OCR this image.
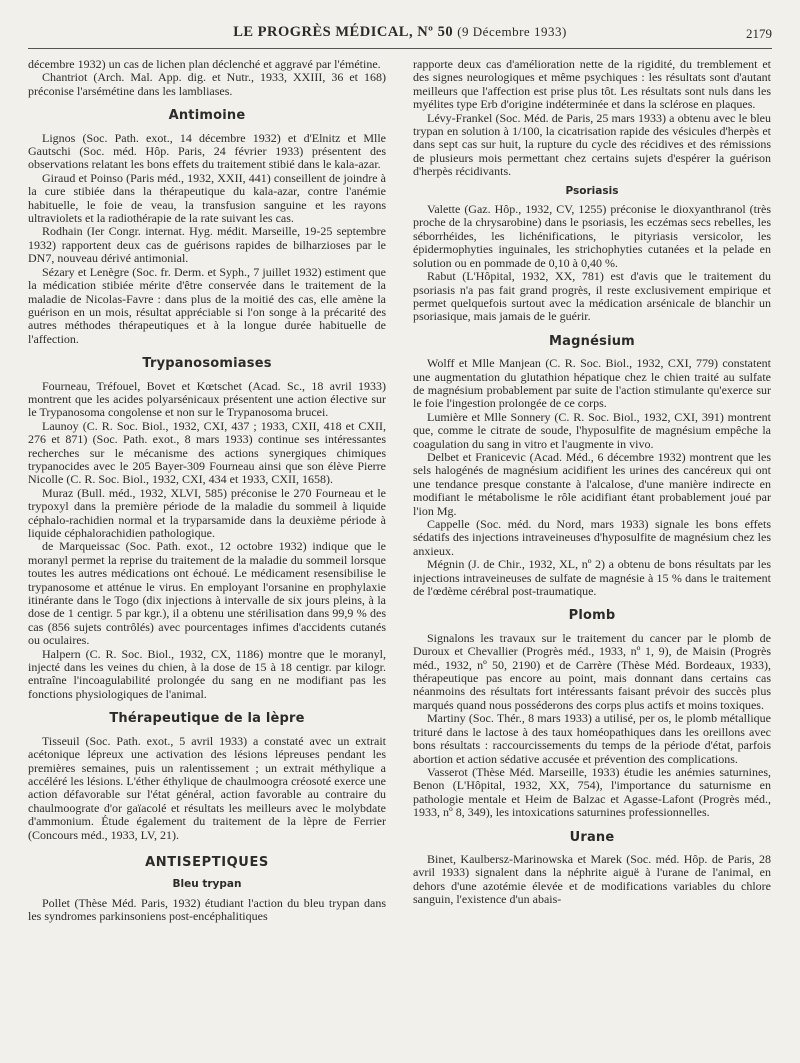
LE PROGRÈS MÉDICAL, Nº 50 (9 Décembre 1933)	2179

décembre 1932) un cas de lichen plan déclenché et aggravé par l'émétine.

Chantriot (Arch. Mal. App. dig. et Nutr., 1933, XXIII, 36 et 168) préconise l'arsémétine dans les lambliases.

Antimoine

Lignos (Soc. Path. exot., 14 décembre 1932) et d'Elnitz et Mlle Gautschi (Soc. méd. Hôp. Paris, 24 février 1933) présentent des observations relatant les bons effets du traitement stibié dans le kala-azar.

Giraud et Poinso (Paris méd., 1932, XXII, 441) conseillent de joindre à la cure stibiée dans la thérapeutique du kala-azar, contre l'anémie habituelle, le foie de veau, la transfusion sanguine et les rayons ultraviolets et la radiothérapie de la rate suivant les cas.

Rodhain (Ier Congr. internat. Hyg. médit. Marseille, 19-25 septembre 1932) rapportent deux cas de guérisons rapides de bilharzioses par le DN7, nouveau dérivé antimonial.

Sézary et Lenègre (Soc. fr. Derm. et Syph., 7 juillet 1932) estiment que la médication stibiée mérite d'être conservée dans le traitement de la maladie de Nicolas-Favre : dans plus de la moitié des cas, elle amène la guérison en un mois, résultat appréciable si l'on songe à la précarité des autres méthodes thérapeutiques et à la longue durée habituelle de l'affection.

Trypanosomiases

Fourneau, Tréfouel, Bovet et Kœtschet (Acad. Sc., 18 avril 1933) montrent que les acides polyarsénicaux présentent une action élective sur le Trypanosoma congolense et non sur le Trypanosoma brucei.

Launoy (C. R. Soc. Biol., 1932, CXI, 437 ; 1933, CXII, 418 et CXII, 276 et 871) (Soc. Path. exot., 8 mars 1933) continue ses intéressantes recherches sur le mécanisme des actions synergiques chimiques trypanocides avec le 205 Bayer-309 Fourneau ainsi que son élève Pierre Nicolle (C. R. Soc. Biol., 1932, CXI, 434 et 1933, CXII, 1658).

Muraz (Bull. méd., 1932, XLVI, 585) préconise le 270 Fourneau et le trypoxyl dans la première période de la maladie du sommeil à liquide céphalo-rachidien normal et la tryparsamide dans la deuxième période à liquide céphalorachidien pathologique.

de Marqueissac (Soc. Path. exot., 12 octobre 1932) indique que le moranyl permet la reprise du traitement de la maladie du sommeil lorsque toutes les autres médications ont échoué. Le médicament resensibilise le trypanosome et atténue le virus. En employant l'orsanine en prophylaxie itinérante dans le Togo (dix injections à intervalle de six jours pleins, à la dose de 1 centigr. 5 par kgr.), il a obtenu une stérilisation dans 99,9 % des cas (856 sujets contrôlés) avec pourcentages infimes d'accidents cutanés ou oculaires.

Halpern (C. R. Soc. Biol., 1932, CX, 1186) montre que le moranyl, injecté dans les veines du chien, à la dose de 15 à 18 centigr. par kilogr. entraîne l'incoagulabilité prolongée du sang en ne modifiant pas les fonctions physiologiques de l'animal.

Thérapeutique de la lèpre

Tisseuil (Soc. Path. exot., 5 avril 1933) a constaté avec un extrait acétonique lépreux une activation des lésions lépreuses pendant les premières semaines, puis un ralentissement ; un extrait méthylique a accéléré les lésions. L'éther éthylique de chaulmoogra créosoté exerce une action défavorable sur l'état général, action favorable au contraire du chaulmoograte d'or gaïacolé et résultats les meilleurs avec le molybdate d'ammonium. Étude également du traitement de la lèpre de Ferrier (Concours méd., 1933, LV, 21).

ANTISEPTIQUES
Bleu trypan

Pollet (Thèse Méd. Paris, 1932) étudiant l'action du bleu trypan dans les syndromes parkinsoniens post-encéphalitiques

rapporte deux cas d'amélioration nette de la rigidité, du tremblement et des signes neurologiques et même psychiques : les résultats sont d'autant meilleurs que l'affection est prise plus tôt. Les résultats sont nuls dans les myélites type Erb d'origine indéterminée et dans la sclérose en plaques.

Lévy-Frankel (Soc. Méd. de Paris, 25 mars 1933) a obtenu avec le bleu trypan en solution à 1/100, la cicatrisation rapide des vésicules d'herpès et dans sept cas sur huit, la rupture du cycle des récidives et des rémissions de plusieurs mois permettant chez certains sujets d'espérer la guérison d'herpès récidivants.

Psoriasis

Valette (Gaz. Hôp., 1932, CV, 1255) préconise le dioxyanthranol (très proche de la chrysarobine) dans le psoriasis, les eczémas secs rebelles, les séborrhéides, les lichénifications, le pityriasis versicolor, les épidermophyties inguinales, les strichophyties cutanées et la pelade en solution ou en pommade de 0,10 à 0,40 %.

Rabut (L'Hôpital, 1932, XX, 781) est d'avis que le traitement du psoriasis n'a pas fait grand progrès, il reste exclusivement empirique et permet quelquefois surtout avec la médication arsénicale de blanchir un psoriasique, mais jamais de le guérir.

Magnésium

Wolff et Mlle Manjean (C. R. Soc. Biol., 1932, CXI, 779) constatent une augmentation du glutathion hépatique chez le chien traité au sulfate de magnésium probablement par suite de l'action stimulante qu'exerce sur le foie l'ingestion prolongée de ce corps.

Lumière et Mlle Sonnery (C. R. Soc. Biol., 1932, CXI, 391) montrent que, comme le citrate de soude, l'hyposulfite de magnésium empêche la coagulation du sang in vitro et l'augmente in vivo.

Delbet et Franicevic (Acad. Méd., 6 décembre 1932) montrent que les sels halogénés de magnésium acidifient les urines des cancéreux qui ont une tendance presque constante à l'alcalose, d'une manière indirecte en modifiant le métabolisme le rôle acidifiant étant probablement joué par l'ion Mg.

Cappelle (Soc. méd. du Nord, mars 1933) signale les bons effets sédatifs des injections intraveineuses d'hyposulfite de magnésium chez les anxieux.

Mégnin (J. de Chir., 1932, XL, nº 2) a obtenu de bons résultats par les injections intraveineuses de sulfate de magnésie à 15 % dans le traitement de l'œdème cérébral post-traumatique.

Plomb

Signalons les travaux sur le traitement du cancer par le plomb de Duroux et Chevallier (Progrès méd., 1933, nº 1, 9), de Maisin (Progrès méd., 1932, nº 50, 2190) et de Carrère (Thèse Méd. Bordeaux, 1933), thérapeutique pas encore au point, mais donnant dans certains cas néanmoins des résultats fort intéressants faisant prévoir des succès plus marqués quand nous posséderons des corps plus actifs et moins toxiques.

Martiny (Soc. Thér., 8 mars 1933) a utilisé, per os, le plomb métallique trituré dans le lactose à des taux homéopathiques dans les oreillons avec bons résultats : raccourcissements du temps de la période d'état, parfois abortion et action sédative accusée et prévention des complications.

Vasserot (Thèse Méd. Marseille, 1933) étudie les anémies saturnines, Benon (L'Hôpital, 1932, XX, 754), l'importance du saturnisme en pathologie mentale et Heim de Balzac et Agasse-Lafont (Progrès méd., 1933, nº 8, 349), les intoxications saturnines professionnelles.

Urane

Binet, Kaulbersz-Marinowska et Marek (Soc. méd. Hôp. de Paris, 28 avril 1933) signalent dans la néphrite aiguë à l'urane de l'animal, en dehors d'une azotémie élevée et de modifications variables du chlore sanguin, l'existence d'un abais-
